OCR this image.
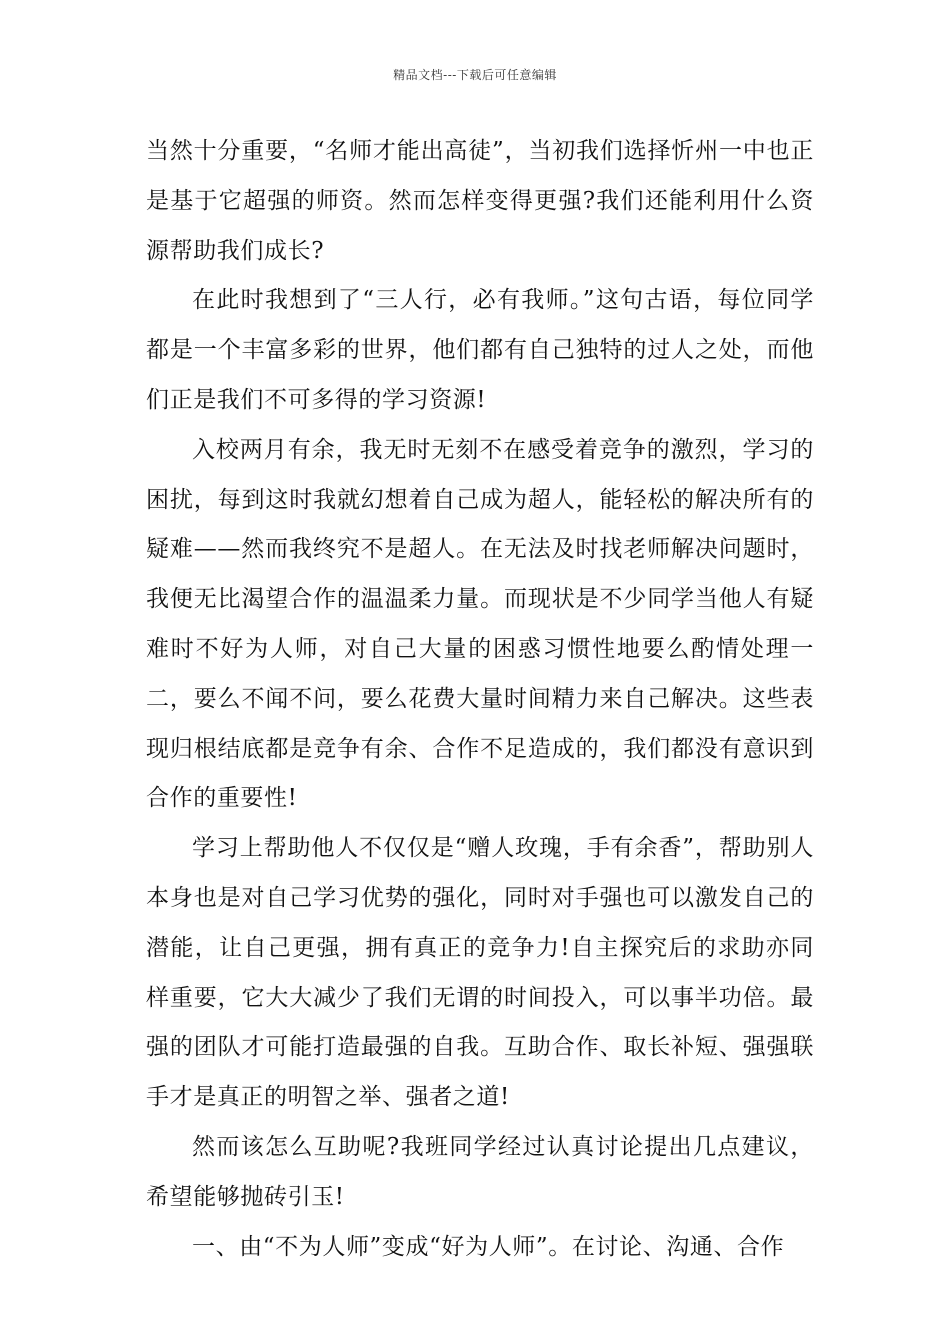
精品文档---下载后可任意编辑

当然十分重要，“名师才能出高徒”，当初我们选择忻州一中也正是基于它超强的师资。然而怎样变得更强?我们还能利用什么资源帮助我们成长?

在此时我想到了“三人行，必有我师。”这句古语，每位同学都是一个丰富多彩的世界，他们都有自己独特的过人之处，而他们正是我们不可多得的学习资源!

入校两月有余，我无时无刻不在感受着竞争的激烈，学习的困扰，每到这时我就幻想着自己成为超人，能轻松的解决所有的疑难——然而我终究不是超人。在无法及时找老师解决问题时，我便无比渴望合作的温温柔力量。而现状是不少同学当他人有疑难时不好为人师，对自己大量的困惑习惯性地要么酌情处理一二，要么不闻不问，要么花费大量时间精力来自己解决。这些表现归根结底都是竞争有余、合作不足造成的，我们都没有意识到合作的重要性!

学习上帮助他人不仅仅是“赠人玫瑰，手有余香”，帮助别人本身也是对自己学习优势的强化，同时对手强也可以激发自己的潜能，让自己更强，拥有真正的竞争力!自主探究后的求助亦同样重要，它大大减少了我们无谓的时间投入，可以事半功倍。最强的团队才可能打造最强的自我。互助合作、取长补短、强强联手才是真正的明智之举、强者之道!

然而该怎么互助呢?我班同学经过认真讨论提出几点建议，希望能够抛砖引玉!

一、由“不为人师”变成“好为人师”。在讨论、沟通、合作
